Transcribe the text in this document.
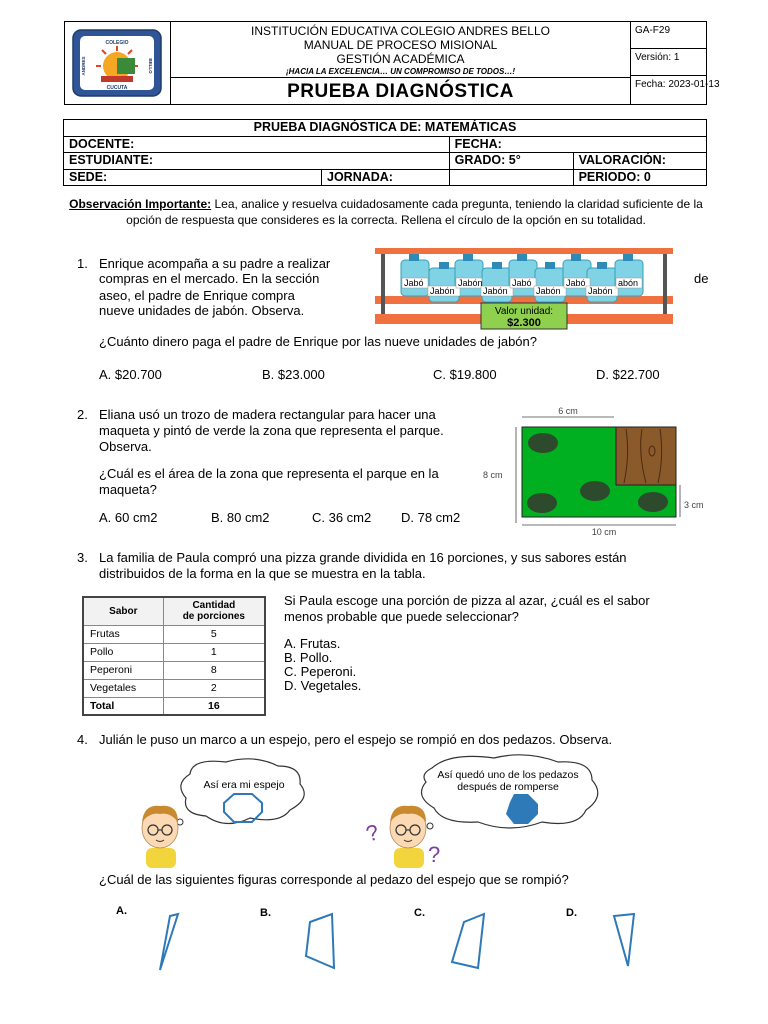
COLEGIO
ANDRES	BELLO
CUCUTA
INSTITUCIÓN EDUCATIVA COLEGIO ANDRES BELLO
MANUAL DE PROCESO MISIONAL
GESTIÓN ACADÉMICA
¡HACIA LA EXCELENCIA… UN COMPROMISO DE TODOS…!
PRUEBA DIAGNÓSTICA
GA-F29
Versión: 1
Fecha: 2023-01-13
PRUEBA DIAGNÓSTICA DE: MATEMÁTICAS			
DOCENTE:		FECHA:	
ESTUDIANTE:		GRADO: 5°	VALORACIÓN:
SEDE:	JORNADA:		PERIODO: 0
Observación Importante: Lea, analice y resuelva cuidadosamente cada pregunta, teniendo la claridad suficiente de la opción de respuesta que consideres es la correcta. Rellena el círculo de la opción en su totalidad.
1. Enrique acompaña a su padre a realizar
compras en el mercado. En la sección	de
aseo, el padre de Enrique compra
nueve unidades de jabón. Observa.
Jabó
Jabón	Jabón
Jabó
Jabón	Jabón
Jabó
Jabón	abón
Valor unidad:
$2.300
¿Cuánto dinero paga el padre de Enrique por las nueve unidades de jabón?
A. $20.700	B. $23.000	C. $19.800	D. $22.700
2. Eliana usó un trozo de madera rectangular para hacer una
maqueta y pintó de verde la zona que representa el parque.
Observa.
¿Cuál es el área de la zona que representa el parque en la
maqueta?
A. 60 cm2	B. 80 cm2	C. 36 cm2 D. 78 cm2
6 cm
8 cm
3 cm
10 cm
3. La familia de Paula compró una pizza grande dividida en 16 porciones, y sus sabores están
distribuidos de la forma en la que se muestra en la tabla.
Sabor	Cantidad
de porciones

Frutas	5
Pollo	1
Peperoni	8
Vegetales	2
Total	16
Si Paula escoge una porción de pizza al azar, ¿cuál es el sabor
menos probable que puede seleccionar?
A. Frutas.
B. Pollo.
C. Peperoni.
D. Vegetales.
4. Julián le puso un marco a un espejo, pero el espejo se rompió en dos pedazos. Observa.
Así era mi espejo
Así quedó uno de los pedazos
después de romperse
?
?
¿Cuál de las siguientes figuras corresponde al pedazo del espejo que se rompió?
A.	B.	C.	D.
